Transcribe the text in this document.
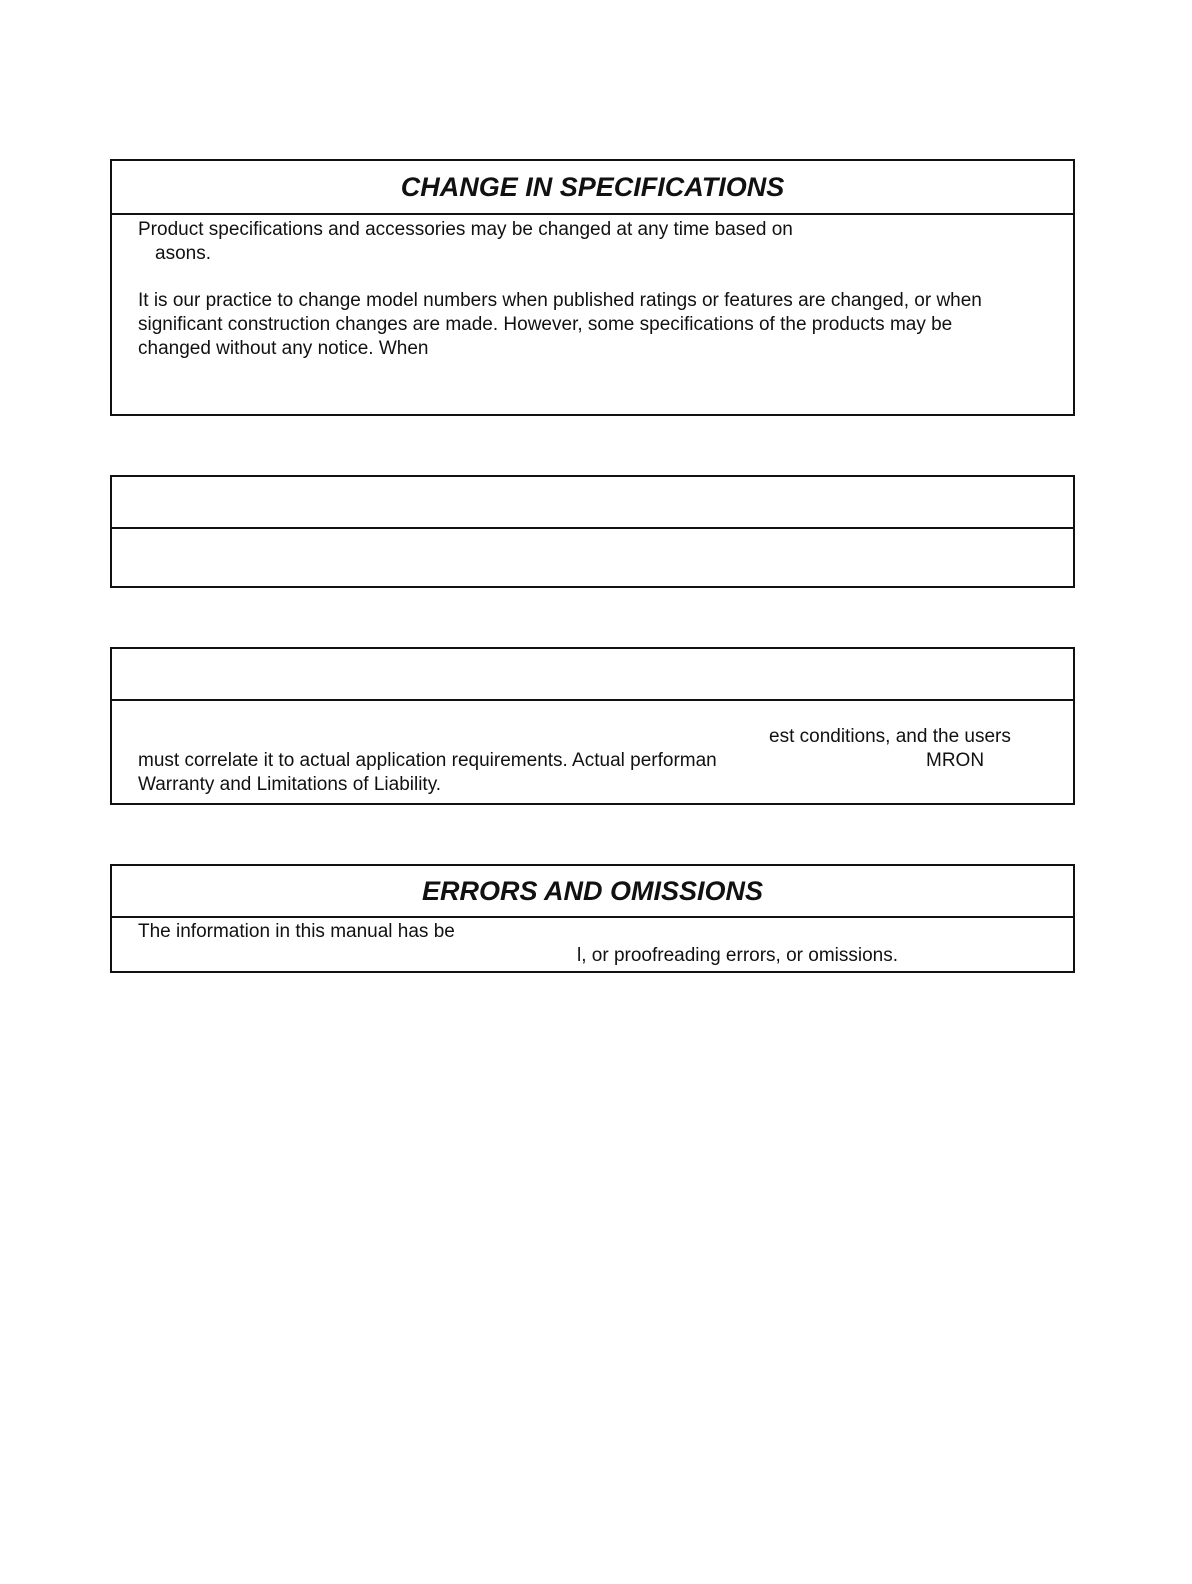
CHANGE IN SPECIFICATIONS
Product specifications and accessories may be changed at any time based on
asons.
It is our practice to change model numbers when published ratings or features are changed, or when
significant construction changes are made. However, some specifications of the products may be
changed without any notice. When
est conditions, and the users
must correlate it to actual application requirements. Actual performan	MRON
Warranty and Limitations of Liability.
ERRORS AND OMISSIONS
The information in this manual has be
l, or proofreading errors, or omissions.
